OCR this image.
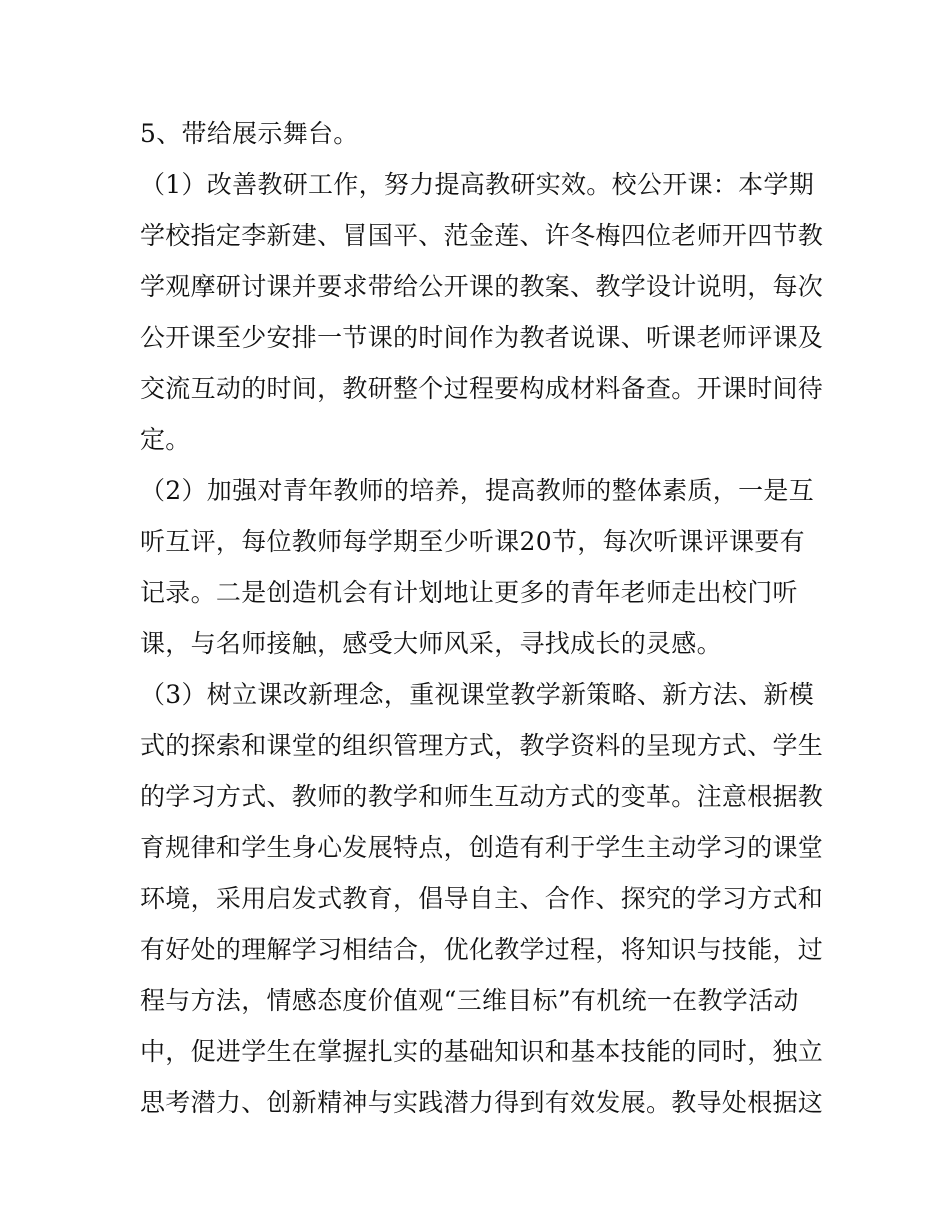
5、带给展示舞台。
（1）改善教研工作，努力提高教研实效。校公开课：本学期
学校指定李新建、冒国平、范金莲、许冬梅四位老师开四节教
学观摩研讨课并要求带给公开课的教案、教学设计说明，每次
公开课至少安排一节课的时间作为教者说课、听课老师评课及
交流互动的时间，教研整个过程要构成材料备查。开课时间待
定。
（2）加强对青年教师的培养，提高教师的整体素质，一是互
听互评，每位教师每学期至少听课20节，每次听课评课要有
记录。二是创造机会有计划地让更多的青年老师走出校门听
课，与名师接触，感受大师风采，寻找成长的灵感。
（3）树立课改新理念，重视课堂教学新策略、新方法、新模
式的探索和课堂的组织管理方式，教学资料的呈现方式、学生
的学习方式、教师的教学和师生互动方式的变革。注意根据教
育规律和学生身心发展特点，创造有利于学生主动学习的课堂
环境，采用启发式教育，倡导自主、合作、探究的学习方式和
有好处的理解学习相结合，优化教学过程，将知识与技能，过
程与方法，情感态度价值观“三维目标”有机统一在教学活动
中，促进学生在掌握扎实的基础知识和基本技能的同时，独立
思考潜力、创新精神与实践潜力得到有效发展。教导处根据这
